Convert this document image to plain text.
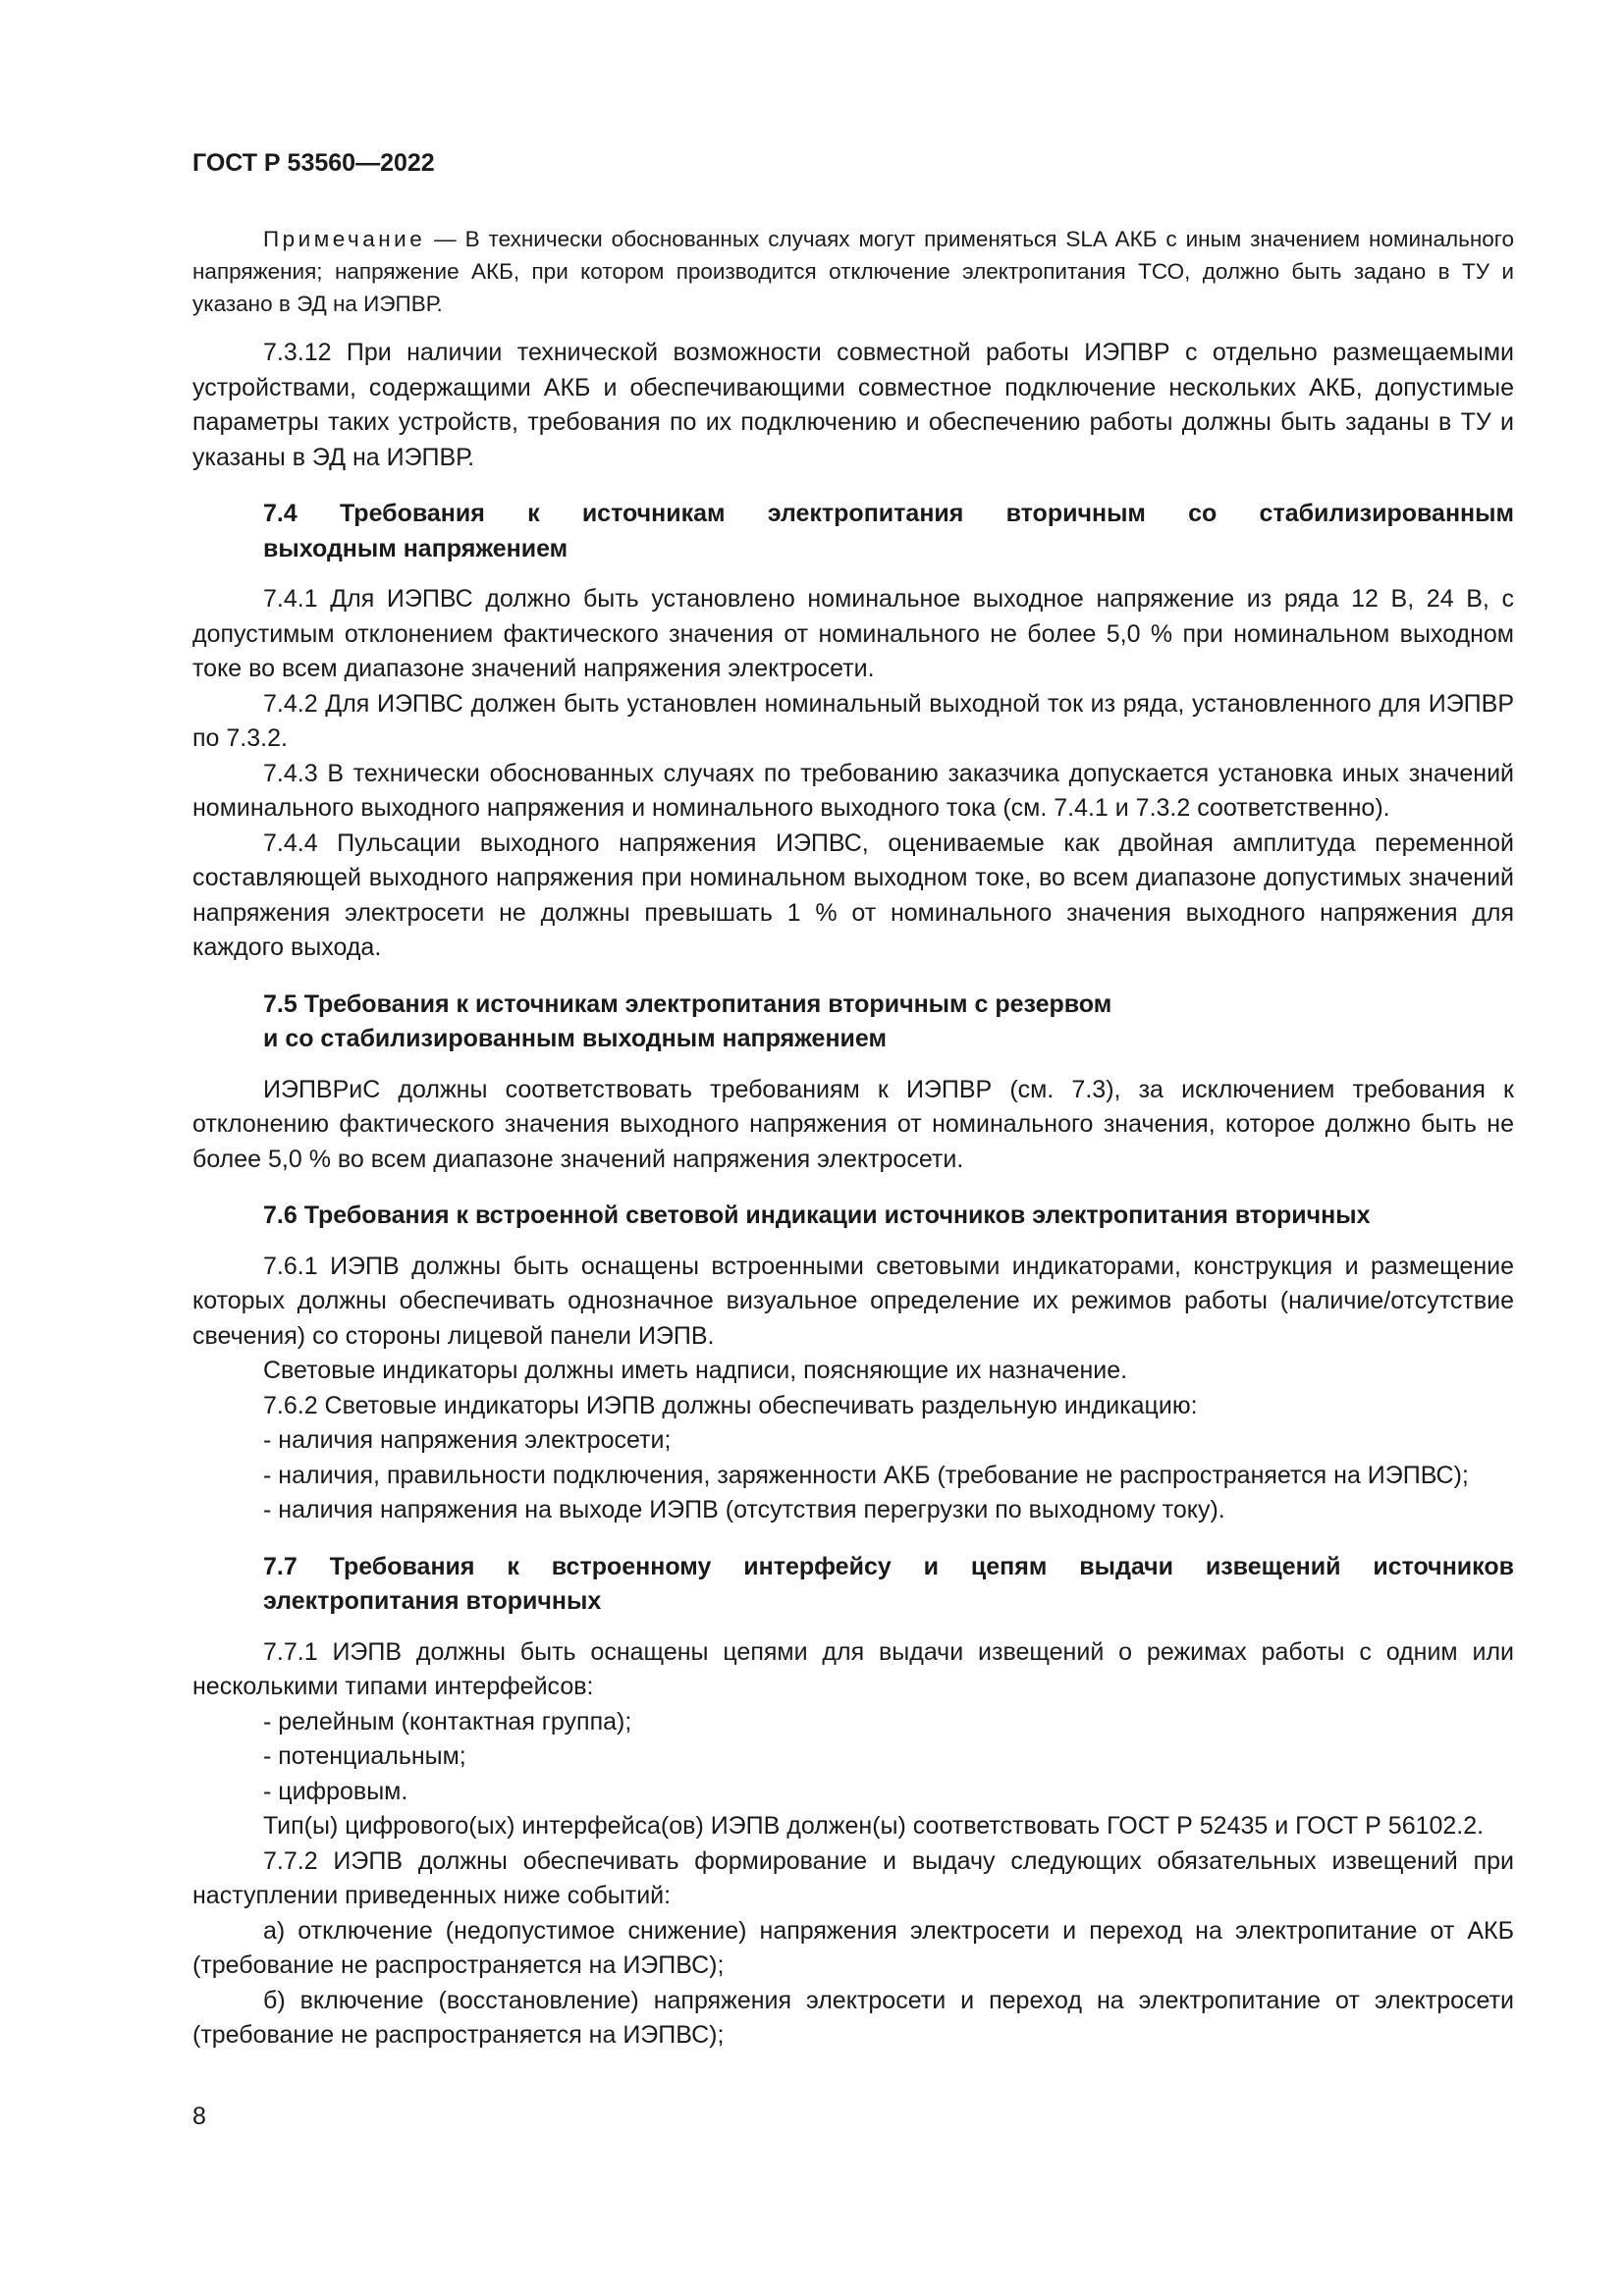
ГОСТ Р 53560—2022

Примечание — В технически обоснованных случаях могут применяться SLA АКБ с иным значением номинального напряжения; напряжение АКБ, при котором производится отключение электропитания ТСО, должно быть задано в ТУ и указано в ЭД на ИЭПВР.

7.3.12 При наличии технической возможности совместной работы ИЭПВР с отдельно размещаемыми устройствами, содержащими АКБ и обеспечивающими совместное подключение нескольких АКБ, допустимые параметры таких устройств, требования по их подключению и обеспечению работы должны быть заданы в ТУ и указаны в ЭД на ИЭПВР.

7.4 Требования к источникам электропитания вторичным со стабилизированным
выходным напряжением

7.4.1 Для ИЭПВС должно быть установлено номинальное выходное напряжение из ряда 12 В, 24 В, с допустимым отклонением фактического значения от номинального не более 5,0 % при номинальном выходном токе во всем диапазоне значений напряжения электросети.

7.4.2 Для ИЭПВС должен быть установлен номинальный выходной ток из ряда, установленного для ИЭПВР по 7.3.2.

7.4.3 В технически обоснованных случаях по требованию заказчика допускается установка иных значений номинального выходного напряжения и номинального выходного тока (см. 7.4.1 и 7.3.2 соответственно).

7.4.4 Пульсации выходного напряжения ИЭПВС, оцениваемые как двойная амплитуда переменной составляющей выходного напряжения при номинальном выходном токе, во всем диапазоне допустимых значений напряжения электросети не должны превышать 1 % от номинального значения выходного напряжения для каждого выхода.

7.5 Требования к источникам электропитания вторичным с резервом
и со стабилизированным выходным напряжением

ИЭПВРиС должны соответствовать требованиям к ИЭПВР (см. 7.3), за исключением требования к отклонению фактического значения выходного напряжения от номинального значения, которое должно быть не более 5,0 % во всем диапазоне значений напряжения электросети.

7.6 Требования к встроенной световой индикации источников электропитания вторичных

7.6.1 ИЭПВ должны быть оснащены встроенными световыми индикаторами, конструкция и размещение которых должны обеспечивать однозначное визуальное определение их режимов работы (наличие/отсутствие свечения) со стороны лицевой панели ИЭПВ.

Световые индикаторы должны иметь надписи, поясняющие их назначение.

7.6.2 Световые индикаторы ИЭПВ должны обеспечивать раздельную индикацию:

- наличия напряжения электросети;

- наличия, правильности подключения, заряженности АКБ (требование не распространяется на ИЭПВС);

- наличия напряжения на выходе ИЭПВ (отсутствия перегрузки по выходному току).

7.7 Требования к встроенному интерфейсу и цепям выдачи извещений источников
электропитания вторичных

7.7.1 ИЭПВ должны быть оснащены цепями для выдачи извещений о режимах работы с одним или несколькими типами интерфейсов:

- релейным (контактная группа);

- потенциальным;

- цифровым.

Тип(ы) цифрового(ых) интерфейса(ов) ИЭПВ должен(ы) соответствовать ГОСТ Р 52435 и ГОСТ Р 56102.2.

7.7.2 ИЭПВ должны обеспечивать формирование и выдачу следующих обязательных извещений при наступлении приведенных ниже событий:

а) отключение (недопустимое снижение) напряжения электросети и переход на электропитание от АКБ (требование не распространяется на ИЭПВС);

б) включение (восстановление) напряжения электросети и переход на электропитание от электросети (требование не распространяется на ИЭПВС);

8
